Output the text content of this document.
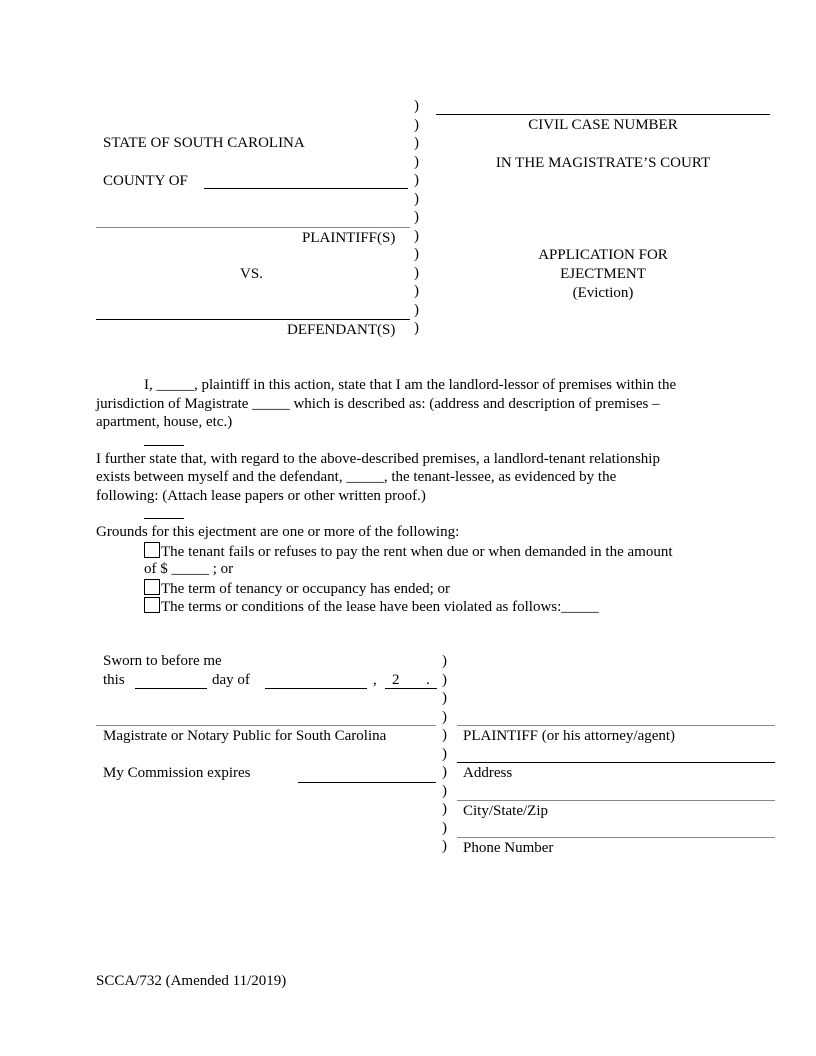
)
)
)
)
)
)
)
)
)
)
)
)
)
STATE OF SOUTH CAROLINA
COUNTY OF
PLAINTIFF(S)
VS.
DEFENDANT(S)
CIVIL CASE NUMBER
IN THE MAGISTRATE’S COURT
APPLICATION FOR
EJECTMENT
(Eviction)
I, _____, plaintiff in this action, state that I am the landlord-lessor of premises within the
jurisdiction of Magistrate _____ which is described as: (address and description of premises –
apartment, house, etc.)
I further state that, with regard to the above-described premises, a landlord-tenant relationship
exists between myself and the defendant, _____, the tenant-lessee, as evidenced by the
following: (Attach lease papers or other written proof.)
Grounds for this ejectment are one or more of the following:
The tenant fails or refuses to pay the rent when due or when demanded in the amount
of $ _____ ; or
The term of tenancy or occupancy has ended; or
The terms or conditions of the lease have been violated as follows:_____
)
)
)
)
)
)
)
)
)
)
)
Sworn to before me
this	day of	, 2 .
Magistrate or Notary Public for South Carolina
My Commission expires
PLAINTIFF (or his attorney/agent)
Address
City/State/Zip
Phone Number
SCCA/732 (Amended 11/2019)
